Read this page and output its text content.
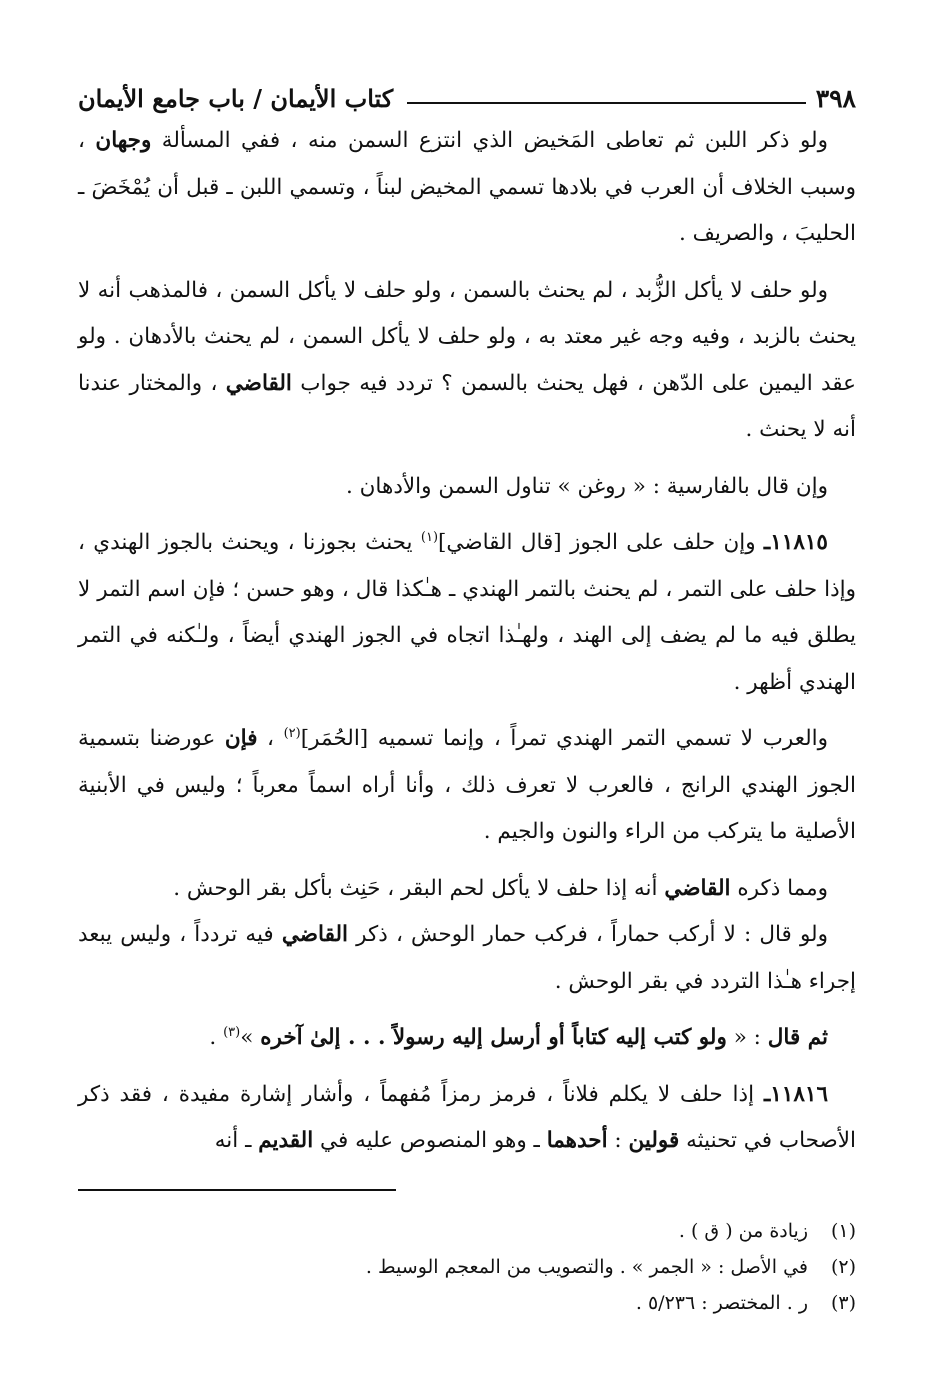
٣٩٨
كتاب الأيمان / باب جامع الأيمان

ولو ذكر اللبن ثم تعاطى المَخيض الذي انتزع السمن منه ، ففي المسألة وجهان ، وسبب الخلاف أن العرب في بلادها تسمي المخيض لبناً ، وتسمي اللبن ـ قبل أن يُمْخَضَ ـ الحليبَ ، والصريف .

ولو حلف لا يأكل الزُّبد ، لم يحنث بالسمن ، ولو حلف لا يأكل السمن ، فالمذهب أنه لا يحنث بالزبد ، وفيه وجه غير معتد به ، ولو حلف لا يأكل السمن ، لم يحنث بالأدهان . ولو عقد اليمين على الدّهن ، فهل يحنث بالسمن ؟ تردد فيه جواب القاضي ، والمختار عندنا أنه لا يحنث .

وإن قال بالفارسية : « روغن » تناول السمن والأدهان .

١١٨١٥ـ وإن حلف على الجوز [قال القاضي]$^{(١)}$ يحنث بجوزنا ، ويحنث بالجوز الهندي ، وإذا حلف على التمر ، لم يحنث بالتمر الهندي ـ هـٰكذا قال ، وهو حسن ؛ فإن اسم التمر لا يطلق فيه ما لم يضف إلى الهند ، ولهـٰذا اتجاه في الجوز الهندي أيضاً ، ولـٰكنه في التمر الهندي أظهر .

والعرب لا تسمي التمر الهندي تمراً ، وإنما تسميه [الحُمَر]$^{(٢)}$ ، فإن عورضنا بتسمية الجوز الهندي الرانج ، فالعرب لا تعرف ذلك ، وأنا أراه اسماً معرباً ؛ وليس في الأبنية الأصلية ما يتركب من الراء والنون والجيم .

ومما ذكره القاضي أنه إذا حلف لا يأكل لحم البقر ، حَنِث بأكل بقر الوحش .

ولو قال : لا أركب حماراً ، فركب حمار الوحش ، ذكر القاضي فيه تردداً ، وليس يبعد إجراء هـٰذا التردد في بقر الوحش .

ثم قال : « ولو كتب إليه كتاباً أو أرسل إليه رسولاً . . . إلىٰ آخره »$^{(٣)}$ .

١١٨١٦ـ إذا حلف لا يكلم فلاناً ، فرمز رمزاً مُفهماً ، وأشار إشارة مفيدة ، فقد ذكر الأصحاب في تحنيثه قولين : أحدهما ـ وهو المنصوص عليه في القديم ـ أنه

(١)
زيادة من ( ق ) .
(٢)
في الأصل : « الجمر » . والتصويب من المعجم الوسيط .
(٣)
ر . المختصر : ٥/٢٣٦ .
